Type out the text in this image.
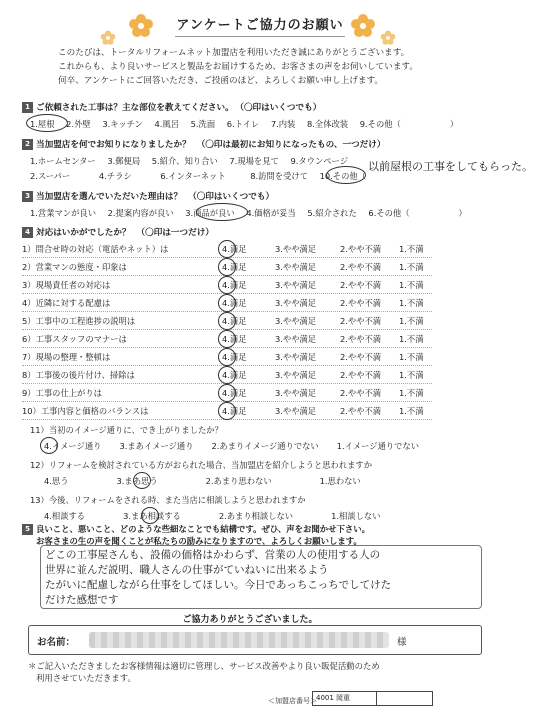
アンケートご協力のお願い
このたびは、トータルリフォームネット加盟店を利用いただき誠にありがとうございます。
これからも、より良いサービスと製品をお届けするため、お客さまの声をお伺いしています。
何卒、アンケートにご回答いただき、ご投函のほど、よろしくお願い申し上げます。
1 ご依頼された工事は？主な部位を教えてください。 （〇印はいくつでも）
1.屋根 2.外壁 3.キッチン 4.風呂 5.洗面 6.トイレ 7.内装 8.全体改装 9.その他（	）
2 当加盟店を何でお知りになりましたか？ （〇印は最初にお知りになったもの、一つだけ）
1.ホームセンター 3.郵便局 5.紹介、知り合い 7.現場を見て 9.タウンページ
2.スーパー	4.チラシ	6.インターネット	8.訪問を受けて 10.その他（
以前屋根の工事をしてもらった。
3 当加盟店を選んでいただいた理由は？ （〇印はいくつでも）
1.営業マンが良い 2.提案内容が良い 3.商品が良い 4.価格が妥当 5.紹介された 6.その他（	）
4 対応はいかがでしたか？ （〇印は一つだけ）
1）問合せ時の対応（電話やネット）は	4.満足	3.やや満足	2.やや不満 1.不満
2）営業マンの態度・印象は	4.満足	3.やや満足	2.やや不満 1.不満
3）現場責任者の対応は	4.満足	3.やや満足	2.やや不満 1.不満
4）近隣に対する配慮は	4.満足	3.やや満足	2.やや不満 1.不満
5）工事中の工程進捗の説明は	4.満足	3.やや満足	2.やや不満 1.不満
6）工事スタッフのマナーは	4.満足	3.やや満足	2.やや不満 1.不満
7）現場の整理・整頓は	4.満足	3.やや満足	2.やや不満 1.不満
8）工事後の後片付け、掃除は	4.満足	3.やや満足	2.やや不満 1.不満
9）工事の仕上がりは	4.満足	3.やや満足	2.やや不満 1.不満
10）工事内容と価格のバランスは	4.満足	3.やや満足	2.やや不満 1.不満
11）当初のイメージ通りに、でき上がりましたか？
4.イメージ通り 3.まあイメージ通り 2.あまりイメージ通りでない 1.イメージ通りでない
12）リフォームを検討されている方がおられた場合、当加盟店を紹介しようと思われますか
4.思う	3.まあ思う	2.あまり思わない	1.思わない
13）今後、リフォームをされる時、また当店に相談しようと思われますか
4.相談する	3.まあ相談する	2.あまり相談しない	1.相談しない
どこの工事屋さんも、設備の価格はかわらず、営業の人の使用する人の
世界に並んだ説明、職人さんの仕事がていねいに出来るよう
たがいに配慮しながら仕事をしてほしい。今日であっちこっちでしてけた
だけた感想です
5 良いこと、悪いこと、どのような些細なことでも結構です。ぜひ、声をお聞かせ下さい。
お客さまの生の声を聞くことが私たちの励みになりますので、よろしくお願いします。
ご協力ありがとうございました。
お名前：	様
＊ご記入いただきましたお客様情報は適切に管理し、サービス改善やより良い販促活動のため
利用させていただきます。
＜加盟店番号＞ 4001 岡重
